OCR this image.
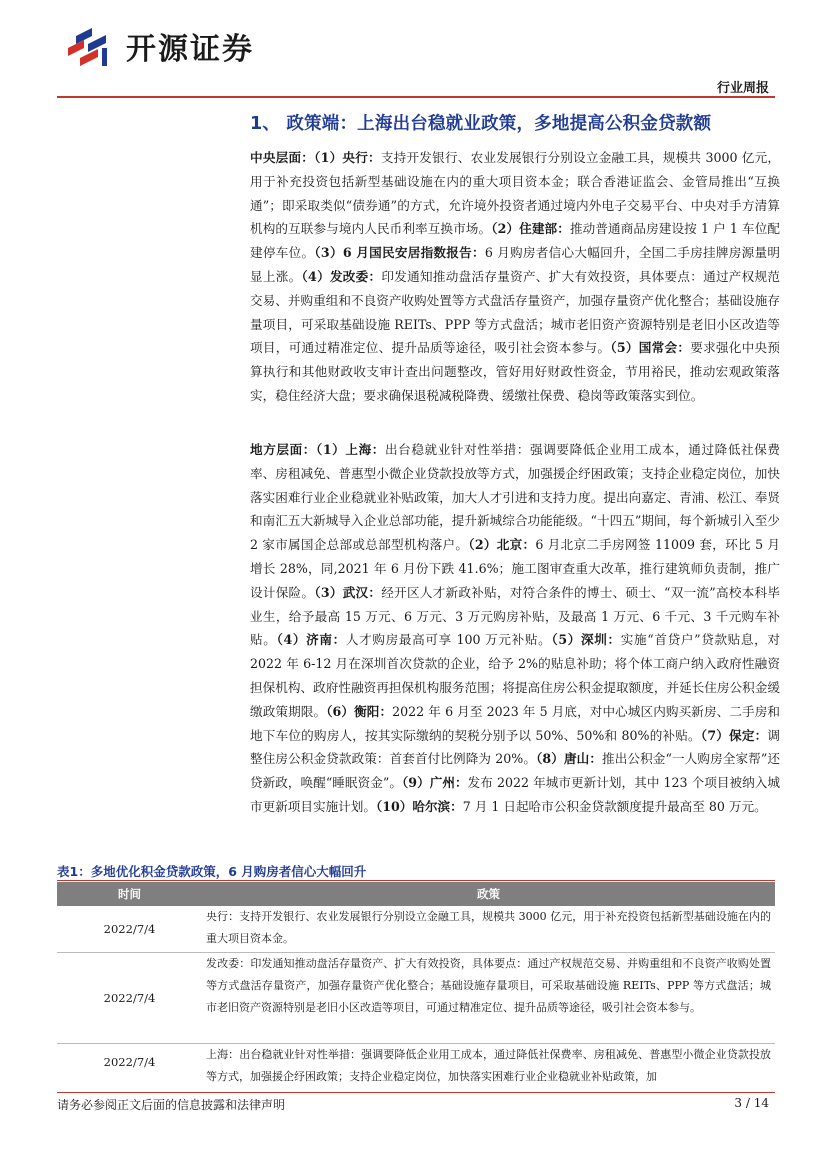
开源证券
行业周报
1、 政策端：上海出台稳就业政策，多地提高公积金贷款额

中央层面：（1）央行：支持开发银行、农业发展银行分别设立金融工具，规模共 3000 亿元，用于补充投资包括新型基础设施在内的重大项目资本金；联合香港证监会、金管局推出“互换通”；即采取类似“债券通”的方式，允许境外投资者通过境内外电子交易平台、中央对手方清算机构的互联参与境内人民币利率互换市场。（2）住建部：推动普通商品房建设按 1 户 1 车位配建停车位。（3）6 月国民安居指数报告：6 月购房者信心大幅回升，全国二手房挂牌房源量明显上涨。（4）发改委：印发通知推动盘活存量资产、扩大有效投资，具体要点：通过产权规范交易、并购重组和不良资产收购处置等方式盘活存量资产，加强存量资产优化整合；基础设施存量项目，可采取基础设施 REITs、PPP 等方式盘活；城市老旧资产资源特别是老旧小区改造等项目，可通过精准定位、提升品质等途径，吸引社会资本参与。（5）国常会：要求强化中央预算执行和其他财政收支审计查出问题整改，管好用好财政性资金，节用裕民，推动宏观政策落实，稳住经济大盘；要求确保退税减税降费、缓缴社保费、稳岗等政策落实到位。

地方层面：（1）上海：出台稳就业针对性举措：强调要降低企业用工成本，通过降低社保费率、房租减免、普惠型小微企业贷款投放等方式，加强援企纾困政策；支持企业稳定岗位，加快落实困难行业企业稳就业补贴政策，加大人才引进和支持力度。提出向嘉定、青浦、松江、奉贤和南汇五大新城导入企业总部功能，提升新城综合功能能级。“十四五”期间，每个新城引入至少 2 家市属国企总部或总部型机构落户。（2）北京：6 月北京二手房网签 11009 套，环比 5 月增长 28%，同,2021 年 6 月份下跌 41.6%；施工图审查重大改革，推行建筑师负责制，推广设计保险。（3）武汉：经开区人才新政补贴，对符合条件的博士、硕士、“双一流”高校本科毕业生，给予最高 15 万元、6 万元、3 万元购房补贴，及最高 1 万元、6 千元、3 千元购车补贴。（4）济南：人才购房最高可享 100 万元补贴。（5）深圳：实施“首贷户”贷款贴息，对 2022 年 6-12 月在深圳首次贷款的企业，给予 2%的贴息补助；将个体工商户纳入政府性融资担保机构、政府性融资再担保机构服务范围；将提高住房公积金提取额度，并延长住房公积金缓缴政策期限。（6）衡阳：2022 年 6 月至 2023 年 5 月底，对中心城区内购买新房、二手房和地下车位的购房人，按其实际缴纳的契税分别予以 50%、50%和 80%的补贴。（7）保定：调整住房公积金贷款政策：首套首付比例降为 20%。（8）唐山：推出公积金“一人购房全家帮”还贷新政，唤醒“睡眠资金”。（9）广州：发布 2022 年城市更新计划，其中 123 个项目被纳入城市更新项目实施计划。（10）哈尔滨：7 月 1 日起哈市公积金贷款额度提升最高至 80 万元。

表1：多地优化积金贷款政策，6 月购房者信心大幅回升
时间	政策
2022/7/4
央行：支持开发银行、农业发展银行分别设立金融工具，规模共 3000 亿元，用于补充投资包括新型基础设施在内的重大项目资本金。
2022/7/4
发改委：印发通知推动盘活存量资产、扩大有效投资，具体要点：通过产权规范交易、并购重组和不良资产收购处置等方式盘活存量资产，加强存量资产优化整合；基础设施存量项目，可采取基础设施 REITs、PPP 等方式盘活；城市老旧资产资源特别是老旧小区改造等项目，可通过精准定位、提升品质等途径，吸引社会资本参与。
2022/7/4
上海：出台稳就业针对性举措：强调要降低企业用工成本，通过降低社保费率、房租减免、普惠型小微企业贷款投放等方式，加强援企纾困政策；支持企业稳定岗位，加快落实困难行业企业稳就业补贴政策，加
请务必参阅正文后面的信息披露和法律声明	3 / 14
